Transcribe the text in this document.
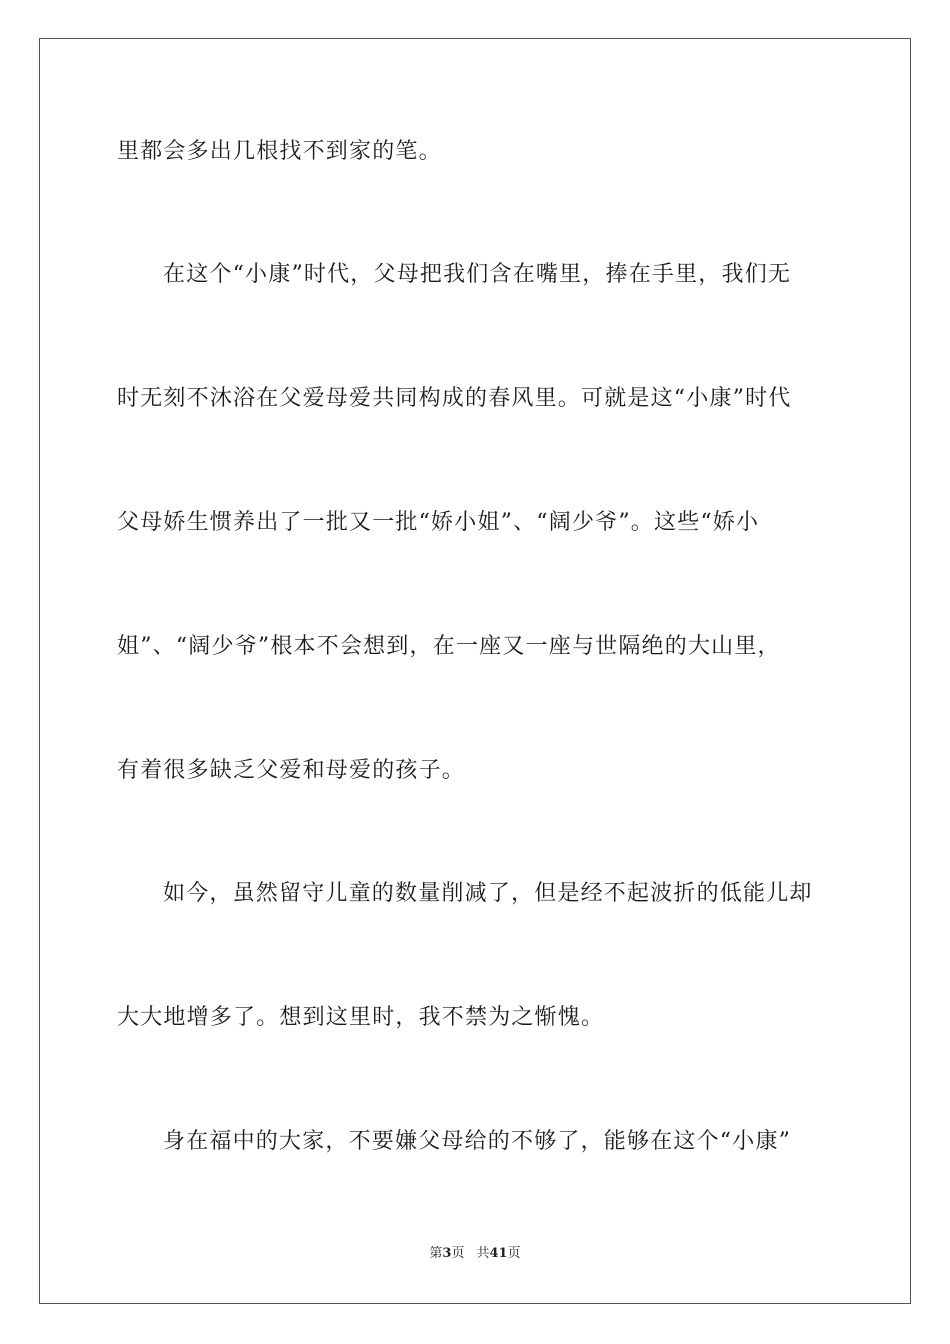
里都会多出几根找不到家的笔。
在这个“小康”时代，父母把我们含在嘴里，捧在手里，我们无
时无刻不沐浴在父爱母爱共同构成的春风里。可就是这“小康”时代
父母娇生惯养出了一批又一批“娇小姐”、“阔少爷”。这些“娇小
姐”、“阔少爷”根本不会想到，在一座又一座与世隔绝的大山里，
有着很多缺乏父爱和母爱的孩子。
如今，虽然留守儿童的数量削减了，但是经不起波折的低能儿却
大大地增多了。想到这里时，我不禁为之惭愧。
身在福中的大家，不要嫌父母给的不够了，能够在这个“小康”
第3页 共41页
